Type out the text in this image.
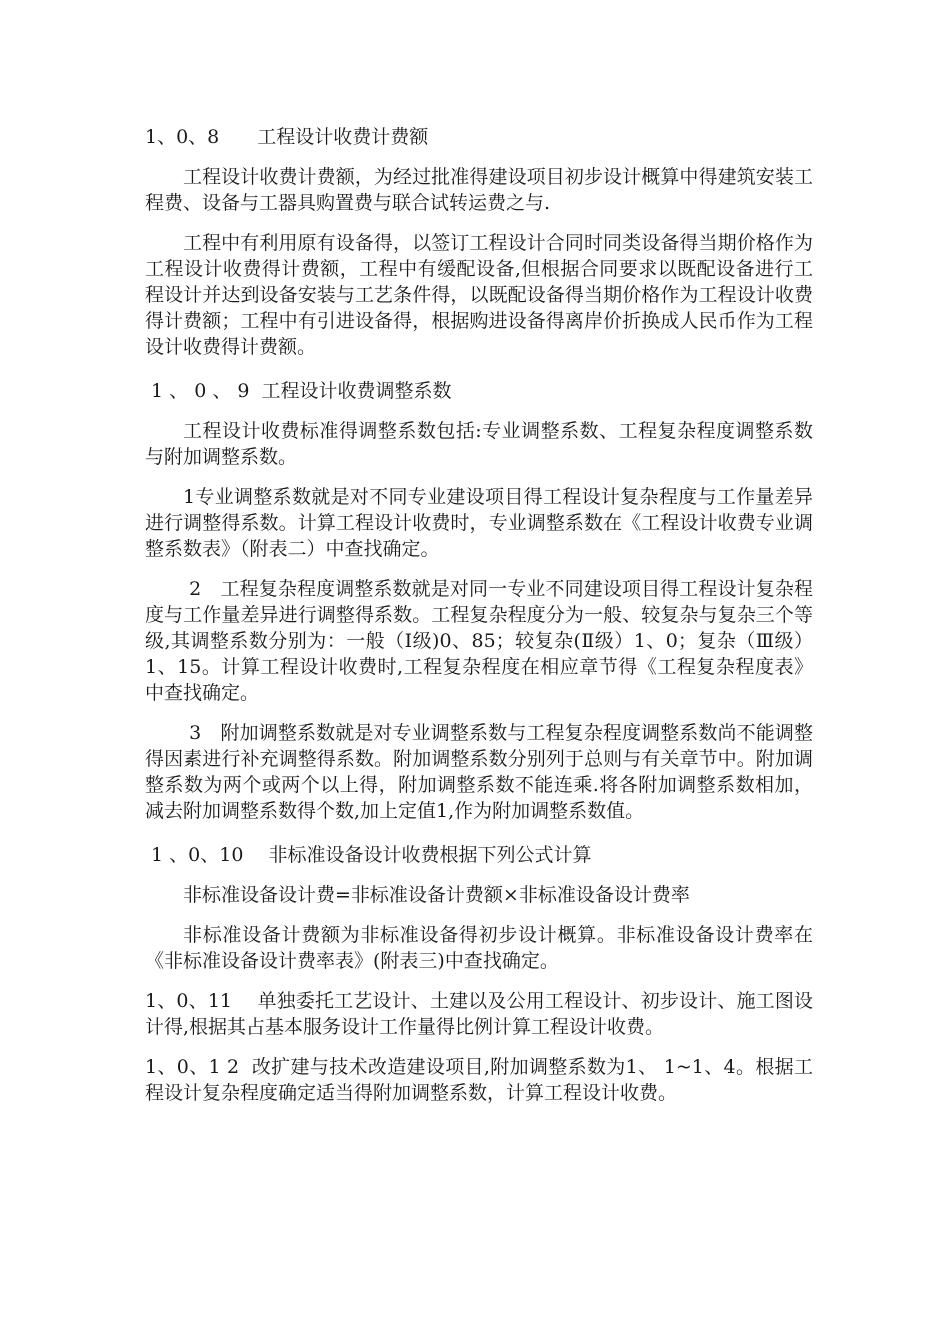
1、0、8　　工程设计收费计费额

工程设计收费计费额，为经过批准得建设项目初步设计概算中得建筑安装工程费、设备与工器具购置费与联合试转运费之与.

工程中有利用原有设备得，以签订工程设计合同时同类设备得当期价格作为工程设计收费得计费额，工程中有缓配设备,但根据合同要求以既配设备进行工程设计并达到设备安装与工艺条件得，以既配设备得当期价格作为工程设计收费得计费额；工程中有引进设备得，根据购进设备得离岸价折换成人民币作为工程设计收费得计费额。

1 、 0 、 9  工程设计收费调整系数

工程设计收费标准得调整系数包括:专业调整系数、工程复杂程度调整系数与附加调整系数。

1专业调整系数就是对不同专业建设项目得工程设计复杂程度与工作量差异进行调整得系数。计算工程设计收费时，专业调整系数在《工程设计收费专业调整系数表》（附表二）中查找确定。

2　工程复杂程度调整系数就是对同一专业不同建设项目得工程设计复杂程度与工作量差异进行调整得系数。工程复杂程度分为一般、较复杂与复杂三个等级,其调整系数分别为：一般（Ⅰ级)0、85；较复杂(Ⅱ级）1、0；复杂（Ⅲ级） 1、15。计算工程设计收费时,工程复杂程度在相应章节得《工程复杂程度表》中查找确定。

3　附加调整系数就是对专业调整系数与工程复杂程度调整系数尚不能调整得因素进行补充调整得系数。附加调整系数分别列于总则与有关章节中。附加调整系数为两个或两个以上得，附加调整系数不能连乘.将各附加调整系数相加，减去附加调整系数得个数,加上定值1,作为附加调整系数值。

1 、0、10　 非标准设备设计收费根据下列公式计算

非标准设备设计费=非标准设备计费额×非标准设备设计费率

非标准设备计费额为非标准设备得初步设计概算。非标准设备设计费率在《非标准设备设计费率表》(附表三)中查找确定。

1、0、11　 单独委托工艺设计、土建以及公用工程设计、初步设计、施工图设计得,根据其占基本服务设计工作量得比例计算工程设计收费。

1、0、1 2  改扩建与技术改造建设项目,附加调整系数为1、 1~1、4。根据工程设计复杂程度确定适当得附加调整系数，计算工程设计收费。
